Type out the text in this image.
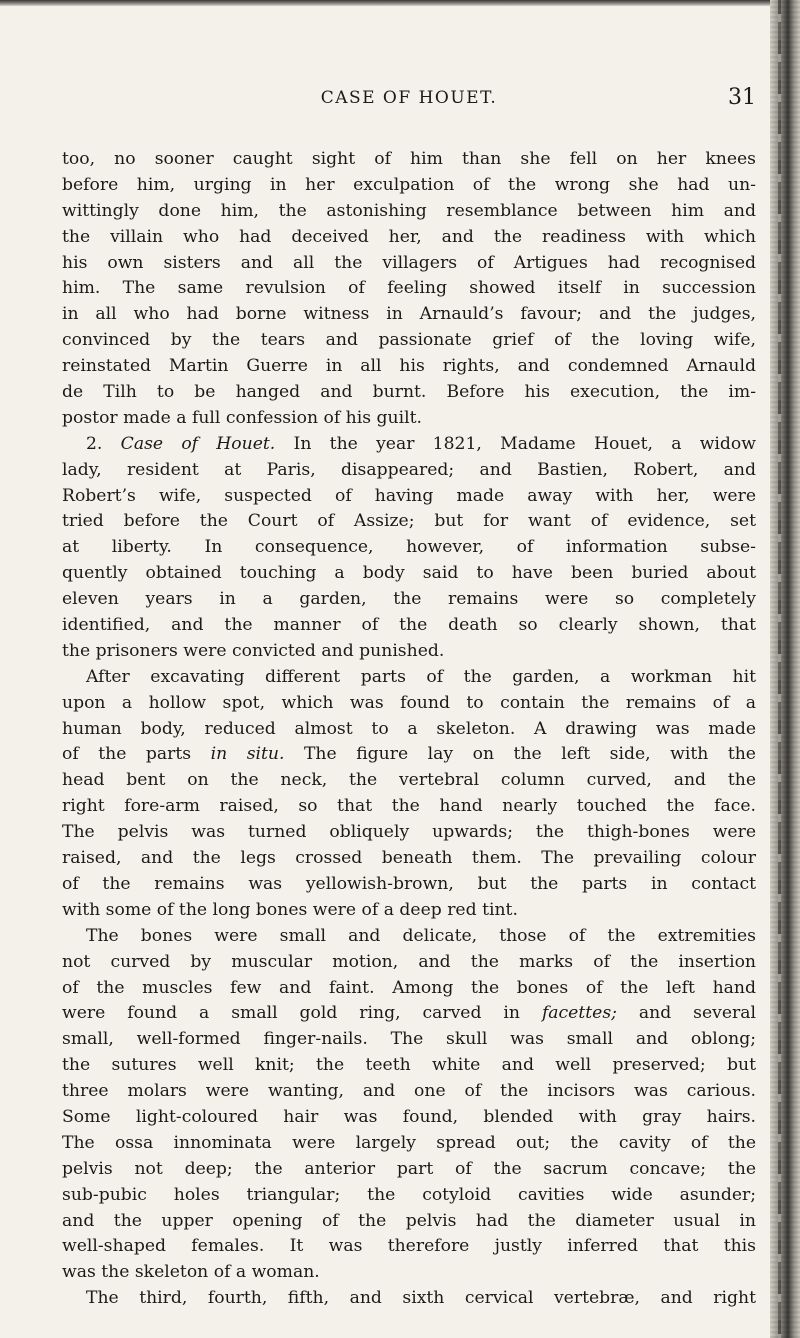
CASE OF HOUET.	31
too, no sooner caught sight of him than she fell on her knees
before him, urging in her exculpation of the wrong she had un-
wittingly done him, the astonishing resemblance between him and
the villain who had deceived her, and the readiness with which
his own sisters and all the villagers of Artigues had recognised
him. The same revulsion of feeling showed itself in succession
in all who had borne witness in Arnauld’s favour; and the judges,
convinced by the tears and passionate grief of the loving wife,
reinstated Martin Guerre in all his rights, and condemned Arnauld
de Tilh to be hanged and burnt. Before his execution, the im-
postor made a full confession of his guilt.
2. Case of Houet. In the year 1821, Madame Houet, a widow
lady, resident at Paris, disappeared; and Bastien, Robert, and
Robert’s wife, suspected of having made away with her, were
tried before the Court of Assize; but for want of evidence, set
at liberty. In consequence, however, of information subse-
quently obtained touching a body said to have been buried about
eleven years in a garden, the remains were so completely
identified, and the manner of the death so clearly shown, that
the prisoners were convicted and punished.
After excavating different parts of the garden, a workman hit
upon a hollow spot, which was found to contain the remains of a
human body, reduced almost to a skeleton. A drawing was made
of the parts in situ. The figure lay on the left side, with the
head bent on the neck, the vertebral column curved, and the
right fore-arm raised, so that the hand nearly touched the face.
The pelvis was turned obliquely upwards; the thigh-bones were
raised, and the legs crossed beneath them. The prevailing colour
of the remains was yellowish-brown, but the parts in contact
with some of the long bones were of a deep red tint.
The bones were small and delicate, those of the extremities
not curved by muscular motion, and the marks of the insertion
of the muscles few and faint. Among the bones of the left hand
were found a small gold ring, carved in facettes; and several
small, well-formed finger-nails. The skull was small and oblong;
the sutures well knit; the teeth white and well preserved; but
three molars were wanting, and one of the incisors was carious.
Some light-coloured hair was found, blended with gray hairs.
The ossa innominata were largely spread out; the cavity of the
pelvis not deep; the anterior part of the sacrum concave; the
sub-pubic holes triangular; the cotyloid cavities wide asunder;
and the upper opening of the pelvis had the diameter usual in
well-shaped females. It was therefore justly inferred that this
was the skeleton of a woman.
The third, fourth, fifth, and sixth cervical vertebræ, and right
